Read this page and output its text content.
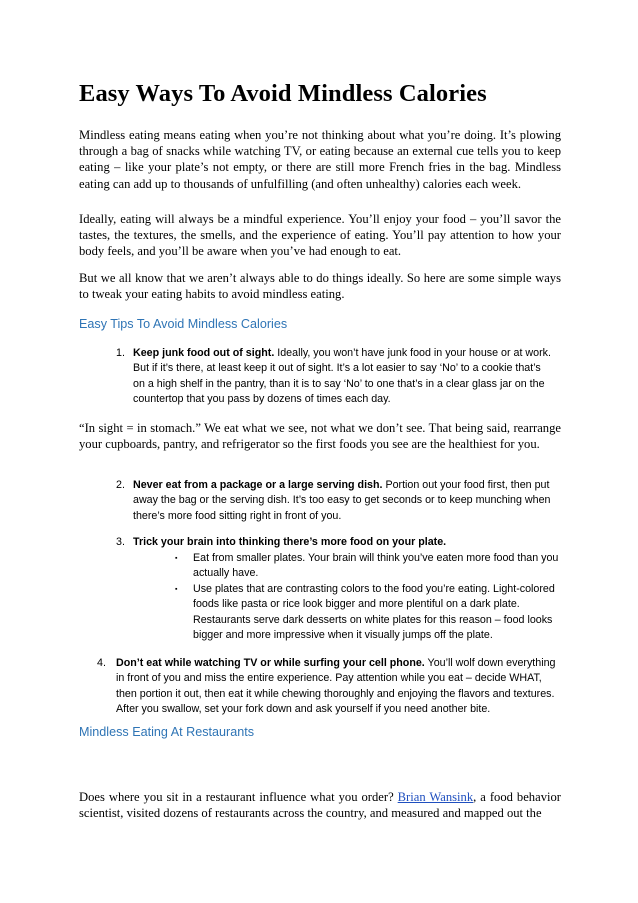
Easy Ways To Avoid Mindless Calories

Mindless eating means eating when you’re not thinking about what you’re doing. It’s plowing through a bag of snacks while watching TV, or eating because an external cue tells you to keep eating – like your plate’s not empty, or there are still more French fries in the bag. Mindless eating can add up to thousands of unfulfilling (and often unhealthy) calories each week.

Ideally, eating will always be a mindful experience. You’ll enjoy your food – you’ll savor the tastes, the textures, the smells, and the experience of eating. You’ll pay attention to how your body feels, and you’ll be aware when you’ve had enough to eat.

But we all know that we aren’t always able to do things ideally. So here are some simple ways to tweak your eating habits to avoid mindless eating.

Easy Tips To Avoid Mindless Calories

1. Keep junk food out of sight. Ideally, you won’t have junk food in your house or at work. But if it’s there, at least keep it out of sight. It’s a lot easier to say ‘No’ to a cookie that’s on a high shelf in the pantry, than it is to say ‘No’ to one that’s in a clear glass jar on the countertop that you pass by dozens of times each day.

“In sight = in stomach.” We eat what we see, not what we don’t see. That being said, rearrange your cupboards, pantry, and refrigerator so the first foods you see are the healthiest for you.

2. Never eat from a package or a large serving dish. Portion out your food first, then put away the bag or the serving dish. It’s too easy to get seconds or to keep munching when there’s more food sitting right in front of you.
3. Trick your brain into thinking there’s more food on your plate.
▪ Eat from smaller plates. Your brain will think you’ve eaten more food than you actually have.
▪ Use plates that are contrasting colors to the food you’re eating. Light-colored foods like pasta or rice look bigger and more plentiful on a dark plate. Restaurants serve dark desserts on white plates for this reason – food looks bigger and more impressive when it visually jumps off the plate.
4. Don’t eat while watching TV or while surfing your cell phone. You’ll wolf down everything in front of you and miss the entire experience. Pay attention while you eat – decide WHAT, then portion it out, then eat it while chewing thoroughly and enjoying the flavors and textures. After you swallow, set your fork down and ask yourself if you need another bite.

Mindless Eating At Restaurants

Does where you sit in a restaurant influence what you order? Brian Wansink, a food behavior scientist, visited dozens of restaurants across the country, and measured and mapped out the
